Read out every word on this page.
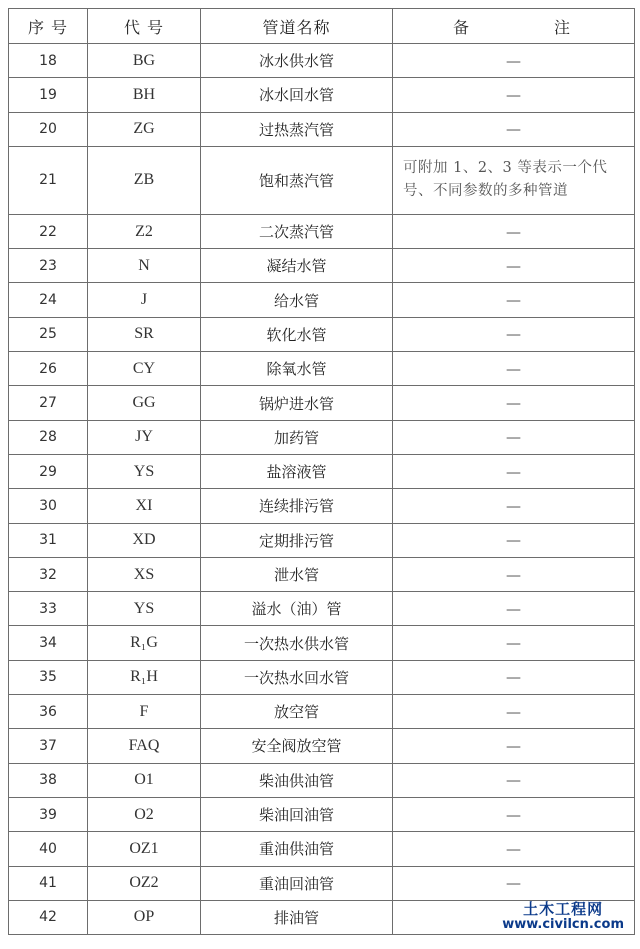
序 号	代 号	管道名称	备 注
18	BG	冰水供水管	—
19	BH	冰水回水管	—
20	ZG	过热蒸汽管	—
21	ZB	饱和蒸汽管	可附加 1、2、3 等表示一个代号、不同参数的多种管道
22	Z2	二次蒸汽管	—
23	N	凝结水管	—
24	J	给水管	—
25	SR	软化水管	—
26	CY	除氧水管	—
27	GG	锅炉进水管	—
28	JY	加药管	—
29	YS	盐溶液管	—
30	XI	连续排污管	—
31	XD	定期排污管	—
32	XS	泄水管	—
33	YS	溢水（油）管	—
34	R₁G	一次热水供水管	—
35	R₁H	一次热水回水管	—
36	F	放空管	—
37	FAQ	安全阀放空管	—
38	O1	柴油供油管	—
39	O2	柴油回油管	—
40	OZ1	重油供油管	—
41	OZ2	重油回油管	—
42	OP	排油管		土木工程网
www.civilcn.com
